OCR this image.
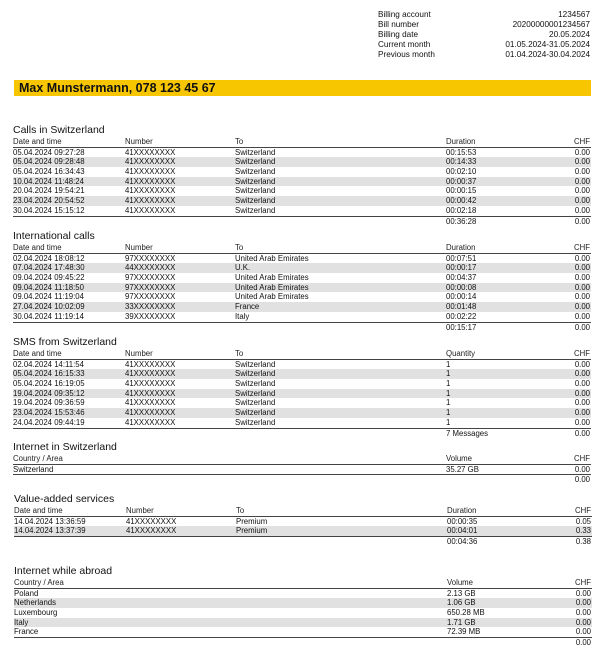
Billing account	1234567
Bill number	20200000001234567
Billing date	20.05.2024
Current month	01.05.2024-31.05.2024
Previous month	01.04.2024-30.04.2024
Max Munstermann, 078 123 45 67
Calls in Switzerland
Date and time	Number	To	Duration	CHF
05.04.2024 09:27:28	41XXXXXXXX	Switzerland	00:15:53	0.00
05.04.2024 09:28:48	41XXXXXXXX	Switzerland	00:14:33	0.00
05.04.2024 16:34:43	41XXXXXXXX	Switzerland	00:02:10	0.00
10.04.2024 11:48:24	41XXXXXXXX	Switzerland	00:00:37	0.00
20.04.2024 19:54:21	41XXXXXXXX	Switzerland	00:00:15	0.00
23.04.2024 20:54:52	41XXXXXXXX	Switzerland	00:00:42	0.00
30.04.2024 15:15:12	41XXXXXXXX	Switzerland	00:02:18	0.00
00:36:28	0.00
International calls
Date and time	Number	To	Duration	CHF
02.04.2024 18:08:12	97XXXXXXXX	United Arab Emirates	00:07:51	0.00
07.04.2024 17:48:30	44XXXXXXXX	U.K.	00:00:17	0.00
09.04.2024 09:45:22	97XXXXXXXX	United Arab Emirates	00:04:37	0.00
09.04.2024 11:18:50	97XXXXXXXX	United Arab Emirates	00:00:08	0.00
09.04.2024 11:19:04	97XXXXXXXX	United Arab Emirates	00:00:14	0.00
27.04.2024 10:02:09	33XXXXXXXX	France	00:01:48	0.00
30.04.2024 11:19:14	39XXXXXXXX	Italy	00:02:22	0.00
00:15:17	0.00
SMS from Switzerland
Date and time	Number	To	Quantity	CHF
02.04.2024 14:11:54	41XXXXXXXX	Switzerland	1	0.00
05.04.2024 16:15:33	41XXXXXXXX	Switzerland	1	0.00
05.04.2024 16:19:05	41XXXXXXXX	Switzerland	1	0.00
19.04.2024 09:35:12	41XXXXXXXX	Switzerland	1	0.00
19.04.2024 09:36:59	41XXXXXXXX	Switzerland	1	0.00
23.04.2024 15:53:46	41XXXXXXXX	Switzerland	1	0.00
24.04.2024 09:44:19	41XXXXXXXX	Switzerland	1	0.00
7 Messages	0.00
Internet in Switzerland
Country / Area	Volume	CHF
Switzerland	35.27 GB	0.00
0.00
Value-added services
Date and time	Number	To	Duration	CHF
14.04.2024 13:36:59	41XXXXXXXX	Premium	00:00:35	0.05
14.04.2024 13:37:39	41XXXXXXXX	Premium	00:04:01	0.33
00:04:36	0.38
Internet while abroad
Country / Area	Volume	CHF
Poland	2.13 GB	0.00
Netherlands	1.06 GB	0.00
Luxembourg	650.28 MB	0.00
Italy	1.71 GB	0.00
France	72.39 MB	0.00
0.00
